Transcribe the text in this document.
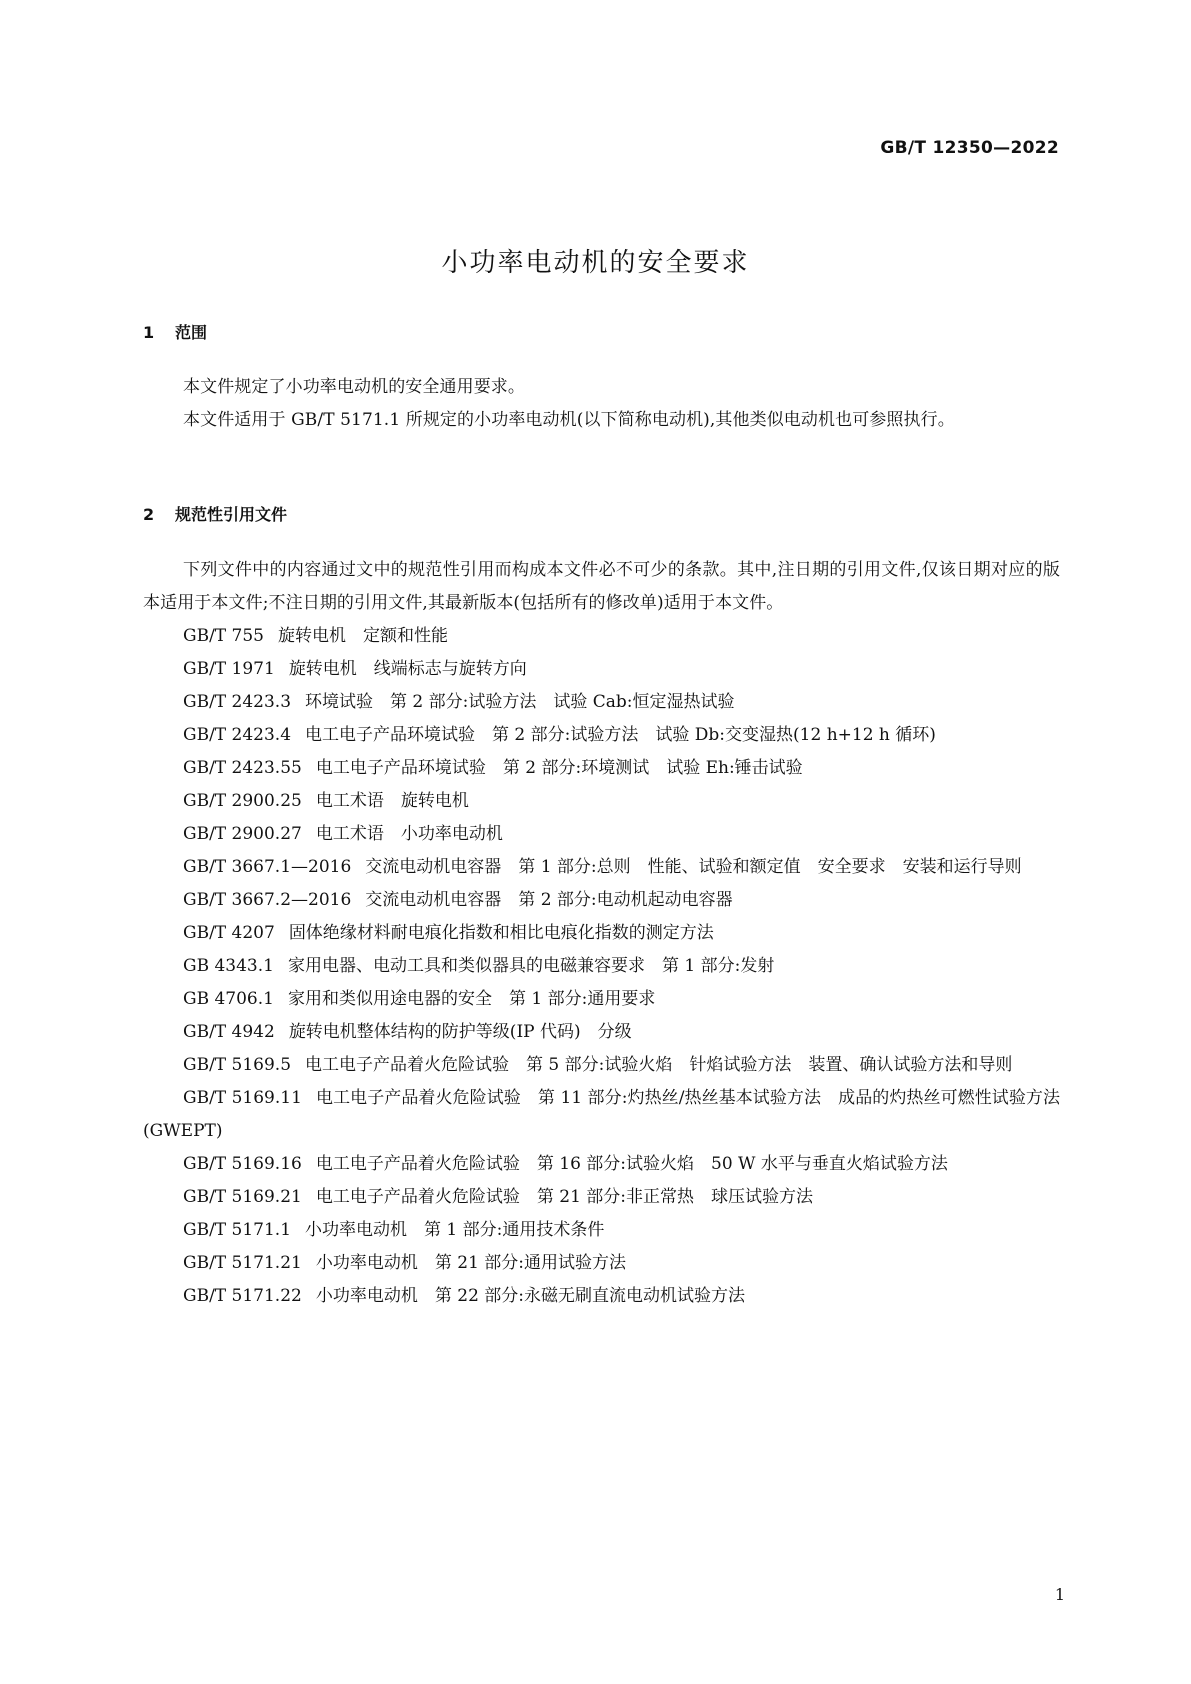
GB/T 12350—2022
小功率电动机的安全要求
1 范围

本文件规定了小功率电动机的安全通用要求。

本文件适用于 GB/T 5171.1 所规定的小功率电动机(以下简称电动机),其他类似电动机也可参照执行。

2 规范性引用文件

下列文件中的内容通过文中的规范性引用而构成本文件必不可少的条款。其中,注日期的引用文件,仅该日期对应的版本适用于本文件;不注日期的引用文件,其最新版本(包括所有的修改单)适用于本文件。

GB/T 755 旋转电机　定额和性能

GB/T 1971 旋转电机　线端标志与旋转方向

GB/T 2423.3 环境试验　第 2 部分:试验方法　试验 Cab:恒定湿热试验

GB/T 2423.4 电工电子产品环境试验　第 2 部分:试验方法　试验 Db:交变湿热(12 h+12 h 循环)

GB/T 2423.55 电工电子产品环境试验　第 2 部分:环境测试　试验 Eh:锤击试验

GB/T 2900.25 电工术语　旋转电机

GB/T 2900.27 电工术语　小功率电动机

GB/T 3667.1—2016 交流电动机电容器　第 1 部分:总则　性能、试验和额定值　安全要求　安装和运行导则

GB/T 3667.2—2016 交流电动机电容器　第 2 部分:电动机起动电容器

GB/T 4207 固体绝缘材料耐电痕化指数和相比电痕化指数的测定方法

GB 4343.1 家用电器、电动工具和类似器具的电磁兼容要求　第 1 部分:发射

GB 4706.1 家用和类似用途电器的安全　第 1 部分:通用要求

GB/T 4942 旋转电机整体结构的防护等级(IP 代码)　分级

GB/T 5169.5 电工电子产品着火危险试验　第 5 部分:试验火焰　针焰试验方法　装置、确认试验方法和导则

GB/T 5169.11 电工电子产品着火危险试验　第 11 部分:灼热丝/热丝基本试验方法　成品的灼热丝可燃性试验方法(GWEPT)

GB/T 5169.16 电工电子产品着火危险试验　第 16 部分:试验火焰　50 W 水平与垂直火焰试验方法

GB/T 5169.21 电工电子产品着火危险试验　第 21 部分:非正常热　球压试验方法

GB/T 5171.1 小功率电动机　第 1 部分:通用技术条件

GB/T 5171.21 小功率电动机　第 21 部分:通用试验方法

GB/T 5171.22 小功率电动机　第 22 部分:永磁无刷直流电动机试验方法

1
